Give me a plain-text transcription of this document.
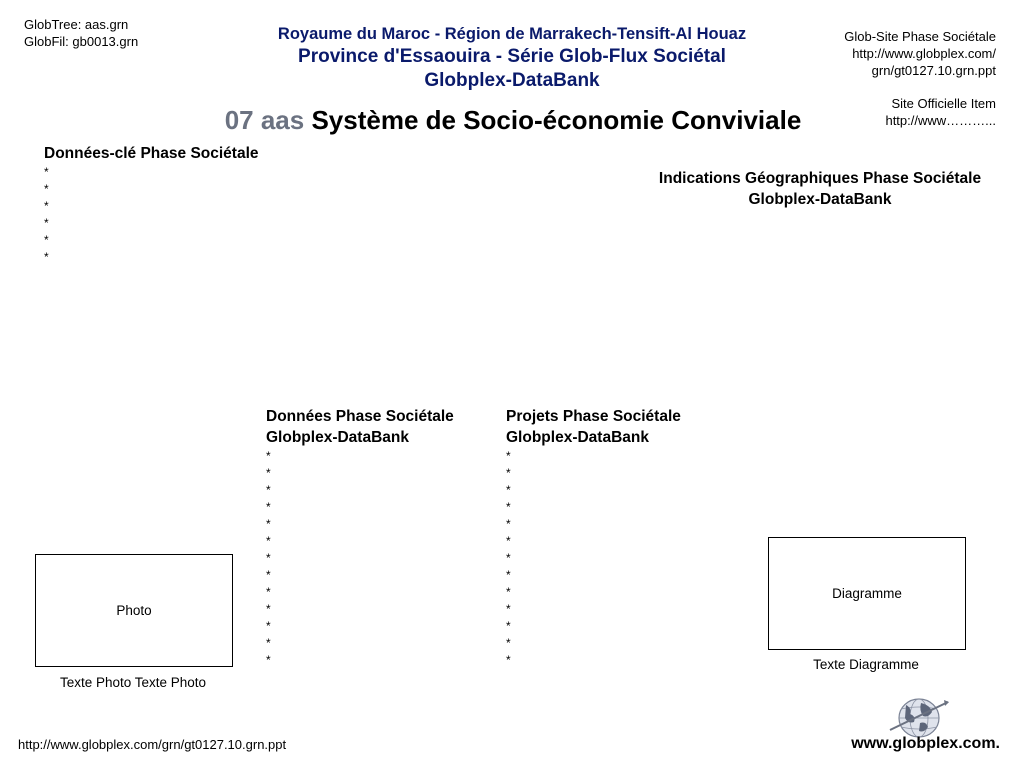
GlobTree: aas.grn
GlobFil: gb0013.grn	Glob-Site Phase Sociétale
http://www.globplex.com/
grn/gt0127.10.grn.ppt
Site Officielle Item
http://www………...
Royaume du Maroc - Région de Marrakech-Tensift-Al Houaz
Province d'Essaouira - Série Glob-Flux Sociétal
Globplex-DataBank
07 aas Système de Socio-économie Conviviale
Données-clé Phase Sociétale
*
*
*
*
*
*
Indications Géographiques Phase Sociétale
Globplex-DataBank
Données Phase Sociétale
Globplex-DataBank
*
*
*
*
*
*
*
*
*
*
*
*
*
Projets Phase Sociétale
Globplex-DataBank
*
*
*
*
*
*
*
*
*
*
*
*
*
Photo
Texte Photo Texte Photo
Diagramme
Texte Diagramme
http://www.globplex.com/grn/gt0127.10.grn.ppt	www.globplex.com.
